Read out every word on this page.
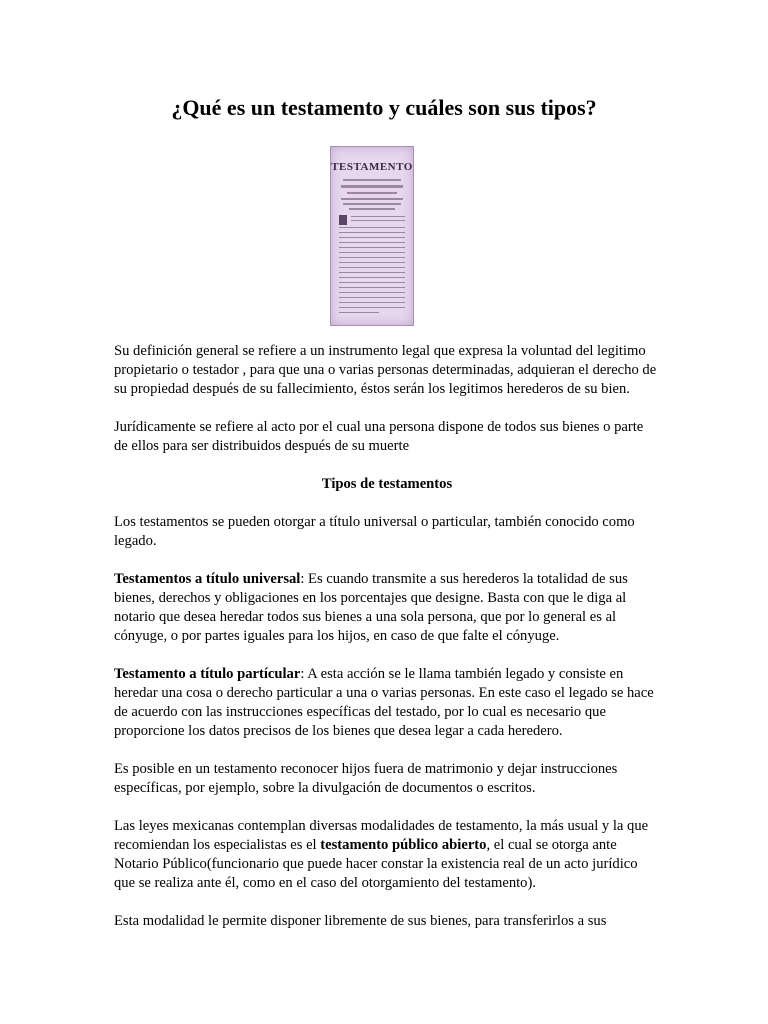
¿Qué es un testamento y cuáles son sus tipos?
TESTAMENTO

Su definición general se refiere a un instrumento legal que expresa la voluntad del legitimo propietario o testador , para que una o varias personas determinadas, adquieran el derecho de su propiedad después de su fallecimiento, éstos serán los legitimos herederos de su bien.

Jurídicamente se refiere al acto por el cual una persona dispone de todos sus bienes o parte de ellos para ser distribuidos después de su muerte

Tipos de testamentos

Los testamentos se pueden otorgar a título universal o particular, también conocido como legado.

Testamentos a título universal: Es cuando transmite a sus herederos la totalidad de sus bienes, derechos y obligaciones en los porcentajes que designe. Basta con que le diga al notario que desea heredar todos sus bienes a una sola persona, que por lo general es al cónyuge, o por partes iguales para los hijos, en caso de que falte el cónyuge.

Testamento a título partícular: A esta acción se le llama también legado y consiste en heredar una cosa o derecho particular a una o varias personas. En este caso el legado se hace de acuerdo con las instrucciones específicas del testado, por lo cual es necesario que proporcione los datos precisos de los bienes que desea legar a cada heredero.

Es posible en un testamento reconocer hijos fuera de matrimonio y dejar instrucciones específicas, por ejemplo, sobre la divulgación de documentos o escritos.

Las leyes mexicanas contemplan diversas modalidades de testamento, la más usual y la que recomiendan los especialistas es el testamento público abierto, el cual se otorga ante Notario Público(funcionario que puede hacer constar la existencia real de un acto jurídico que se realiza ante él, como en el caso del otorgamiento del testamento).

Esta modalidad le permite disponer libremente de sus bienes, para transferirlos a sus
